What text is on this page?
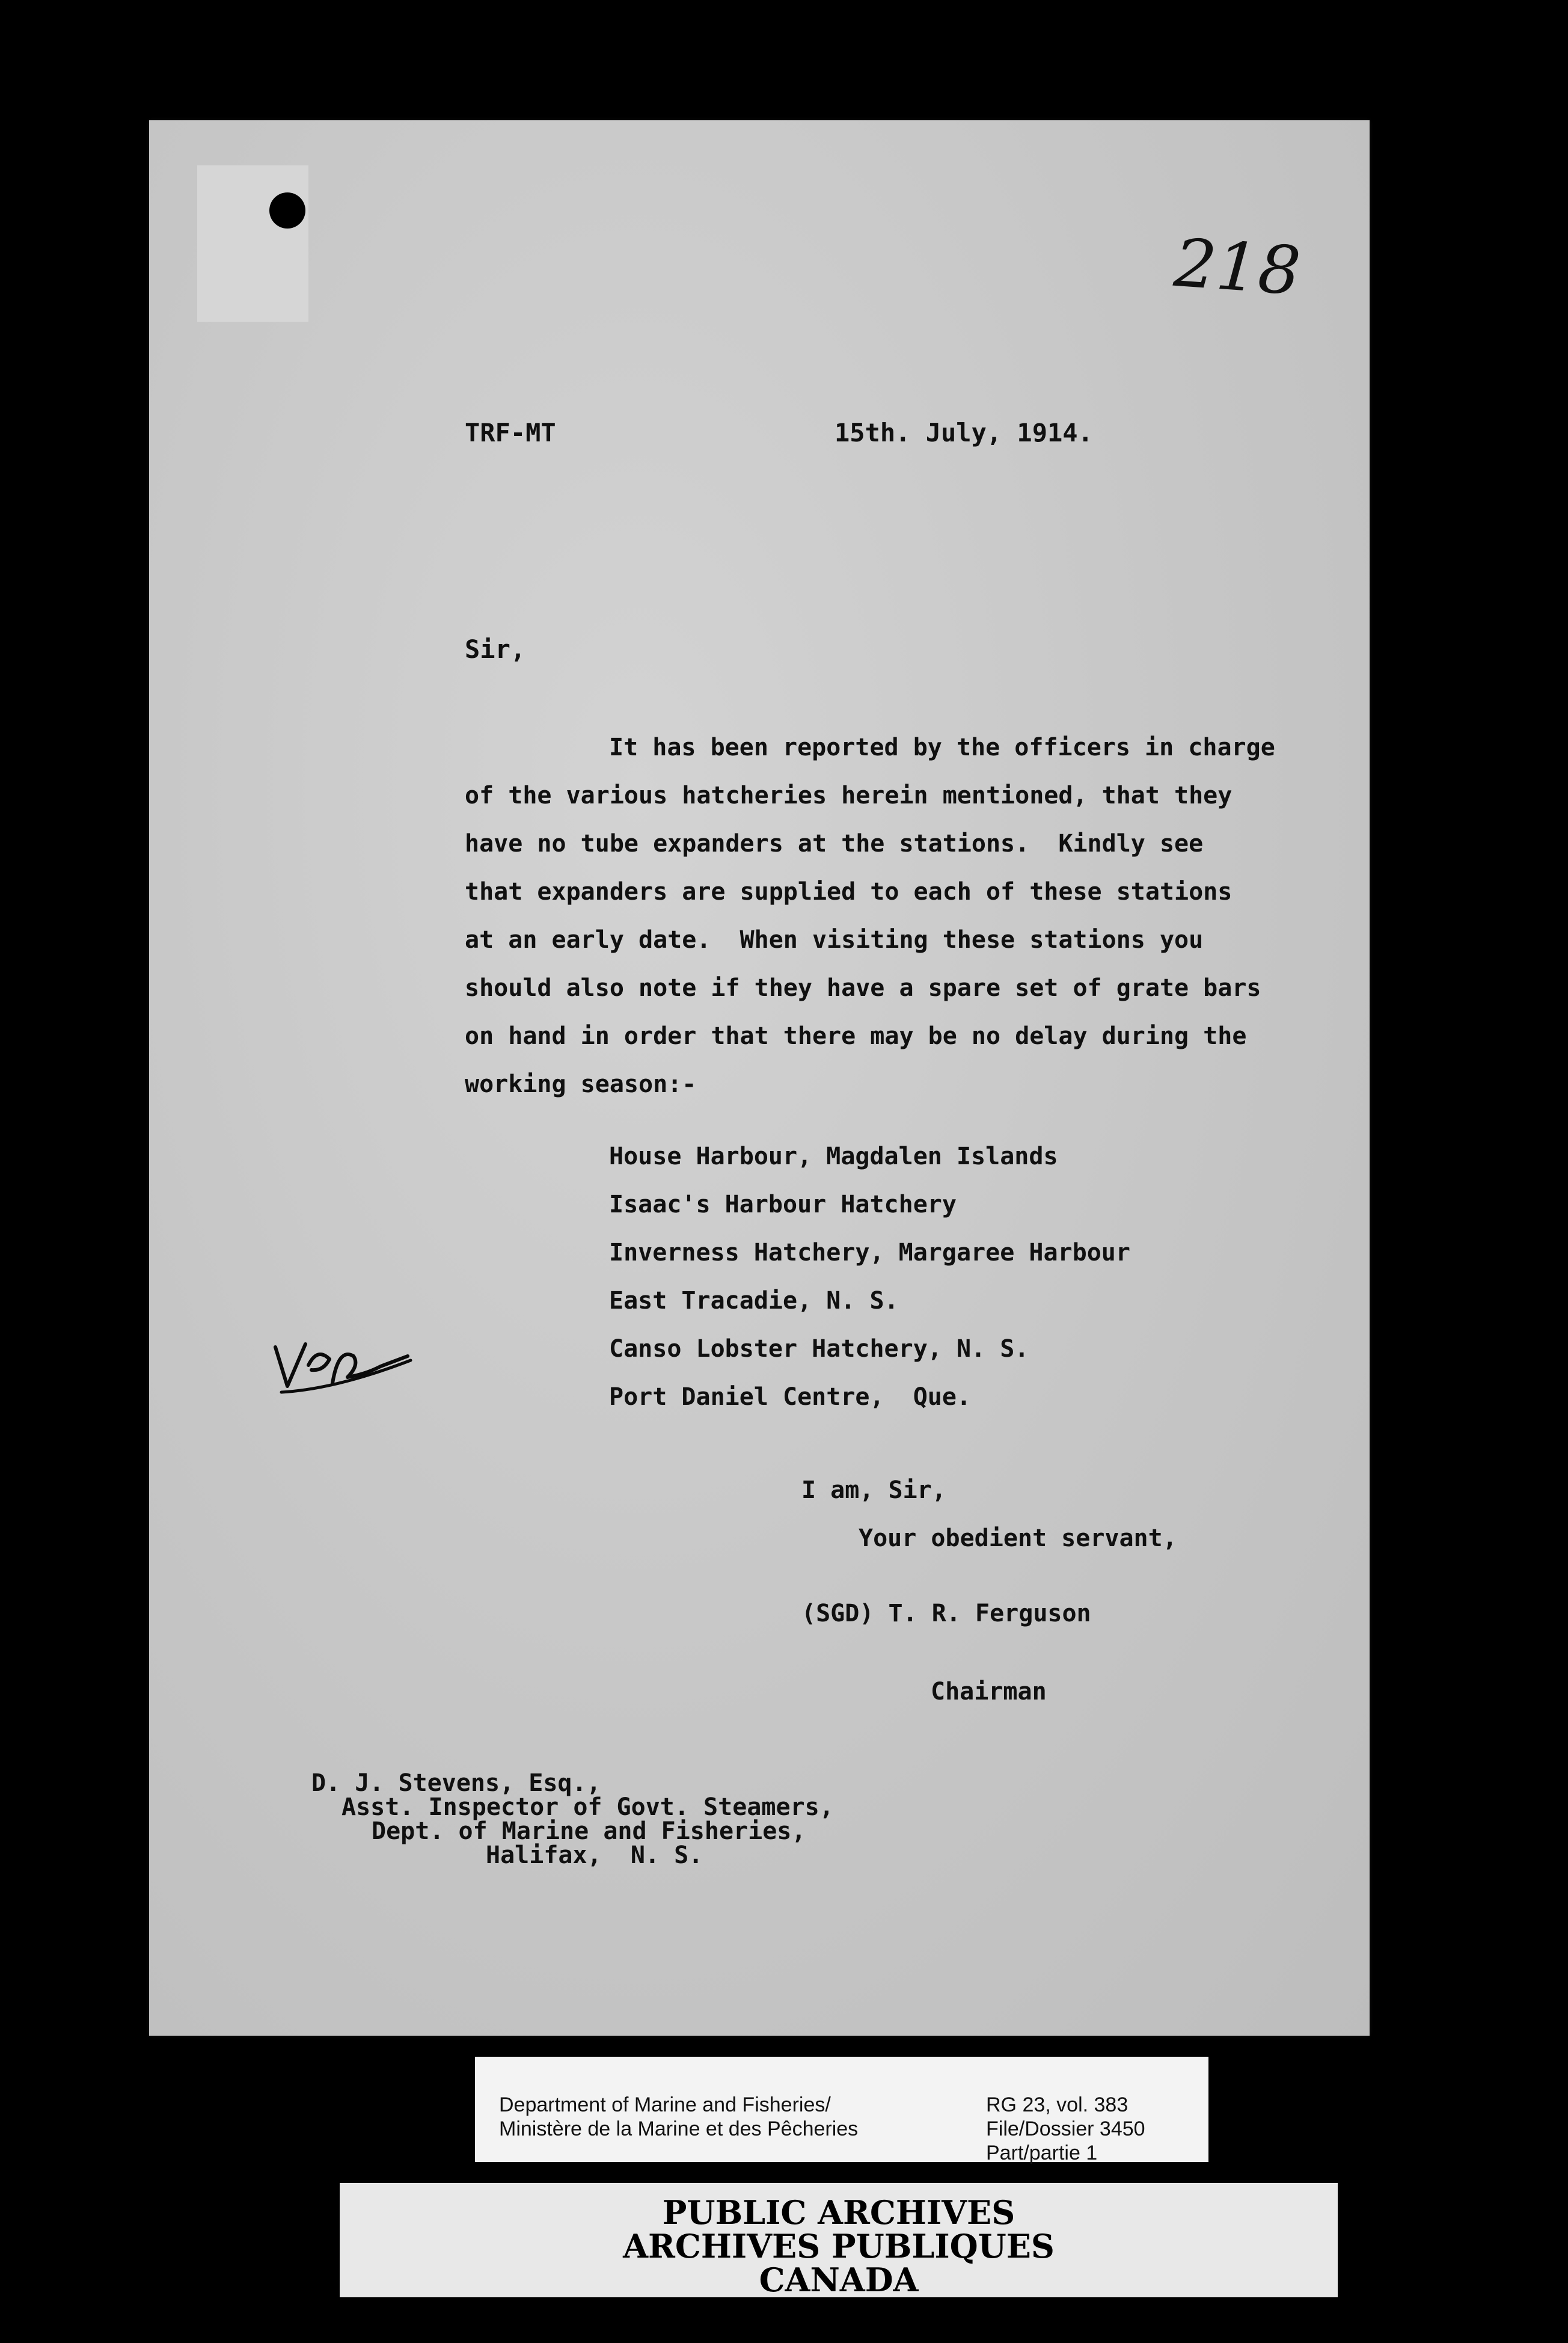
218
TRF-MT	15th. July, 1914.
Sir,
It has been reported by the officers in charge
of the various hatcheries herein mentioned, that they
have no tube expanders at the stations.  Kindly see
that expanders are supplied to each of these stations
at an early date.  When visiting these stations you
should also note if they have a spare set of grate bars
on hand in order that there may be no delay during the
working season:-
House Harbour, Magdalen Islands
Isaac's Harbour Hatchery
Inverness Hatchery, Margaree Harbour
East Tracadie, N. S.
Canso Lobster Hatchery, N. S.
Port Daniel Centre,  Que.
I am, Sir,
Your obedient servant,
(SGD) T. R. Ferguson
Chairman
D. J. Stevens, Esq.,
Asst. Inspector of Govt. Steamers,
Dept. of Marine and Fisheries,
Halifax,  N. S.
Department of Marine and Fisheries/
Ministère de la Marine et des Pêcheries
RG 23, vol. 383
File/Dossier 3450
Part/partie 1
PUBLIC ARCHIVES
ARCHIVES PUBLIQUES
CANADA
